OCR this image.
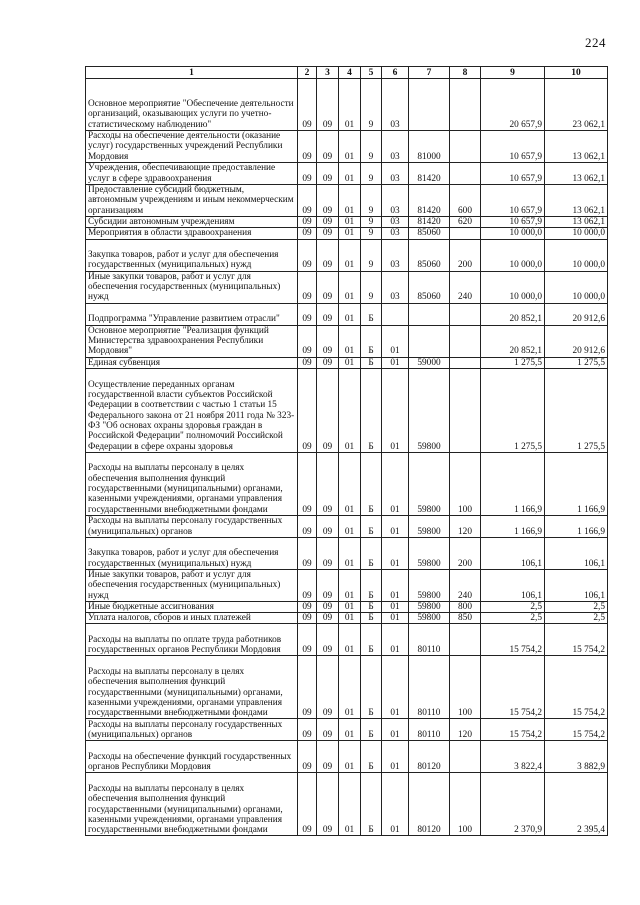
224
1	2	3	4	5	6	7	8	9	10
Основное мероприятие "Обеспечение деятельности организаций, оказывающих услуги по учетно-статистическому наблюдению"	09	09	01	9	03			20 657,9	23 062,1
Расходы на обеспечение деятельности (оказание услуг) государственных учреждений Республики Мордовия	09	09	01	9	03	81000		10 657,9	13 062,1
Учреждения, обеспечивающие предоставление услуг в сфере здравоохранения	09	09	01	9	03	81420		10 657,9	13 062,1
Предоставление субсидий бюджетным, автономным учреждениям и иным некоммерческим организациям	09	09	01	9	03	81420	600	10 657,9	13 062,1
Субсидии автономным учреждениям	09	09	01	9	03	81420	620	10 657,9	13 062,1
Мероприятия в области здравоохранения	09	09	01	9	03	85060		10 000,0	10 000,0
Закупка товаров, работ и услуг для обеспечения государственных (муниципальных) нужд	09	09	01	9	03	85060	200	10 000,0	10 000,0
Иные закупки товаров, работ и услуг для обеспечения государственных (муниципальных) нужд	09	09	01	9	03	85060	240	10 000,0	10 000,0
Подпрограмма "Управление развитием отрасли"	09	09	01	Б				20 852,1	20 912,6
Основное мероприятие "Реализация функций Министерства здравоохранения Республики Мордовия"	09	09	01	Б	01			20 852,1	20 912,6
Единая субвенция	09	09	01	Б	01	59000		1 275,5	1 275,5
Осуществление переданных органам государственной власти субъектов Российской Федерации в соответствии с частью 1 статьи 15 Федерального закона от 21 ноября 2011 года № 323-ФЗ "Об основах охраны здоровья граждан в Российской Федерации" полномочий Российской Федерации в сфере охраны здоровья	09	09	01	Б	01	59800		1 275,5	1 275,5
Расходы на выплаты персоналу в целях обеспечения выполнения функций государственными (муниципальными) органами, казенными учреждениями, органами управления государственными внебюджетными фондами	09	09	01	Б	01	59800	100	1 166,9	1 166,9
Расходы на выплаты персоналу государственных (муниципальных) органов	09	09	01	Б	01	59800	120	1 166,9	1 166,9
Закупка товаров, работ и услуг для обеспечения государственных (муниципальных) нужд	09	09	01	Б	01	59800	200	106,1	106,1
Иные закупки товаров, работ и услуг для обеспечения государственных (муниципальных) нужд	09	09	01	Б	01	59800	240	106,1	106,1
Иные бюджетные ассигнования	09	09	01	Б	01	59800	800	2,5	2,5
Уплата налогов, сборов и иных платежей	09	09	01	Б	01	59800	850	2,5	2,5
Расходы на выплаты по оплате труда работников государственных органов Республики Мордовия	09	09	01	Б	01	80110		15 754,2	15 754,2
Расходы на выплаты персоналу в целях обеспечения выполнения функций государственными (муниципальными) органами, казенными учреждениями, органами управления государственными внебюджетными фондами	09	09	01	Б	01	80110	100	15 754,2	15 754,2
Расходы на выплаты персоналу государственных (муниципальных) органов	09	09	01	Б	01	80110	120	15 754,2	15 754,2
Расходы на обеспечение функций государственных органов Республики Мордовия	09	09	01	Б	01	80120		3 822,4	3 882,9
Расходы на выплаты персоналу в целях обеспечения выполнения функций государственными (муниципальными) органами, казенными учреждениями, органами управления государственными внебюджетными фондами	09	09	01	Б	01	80120	100	2 370,9	2 395,4
